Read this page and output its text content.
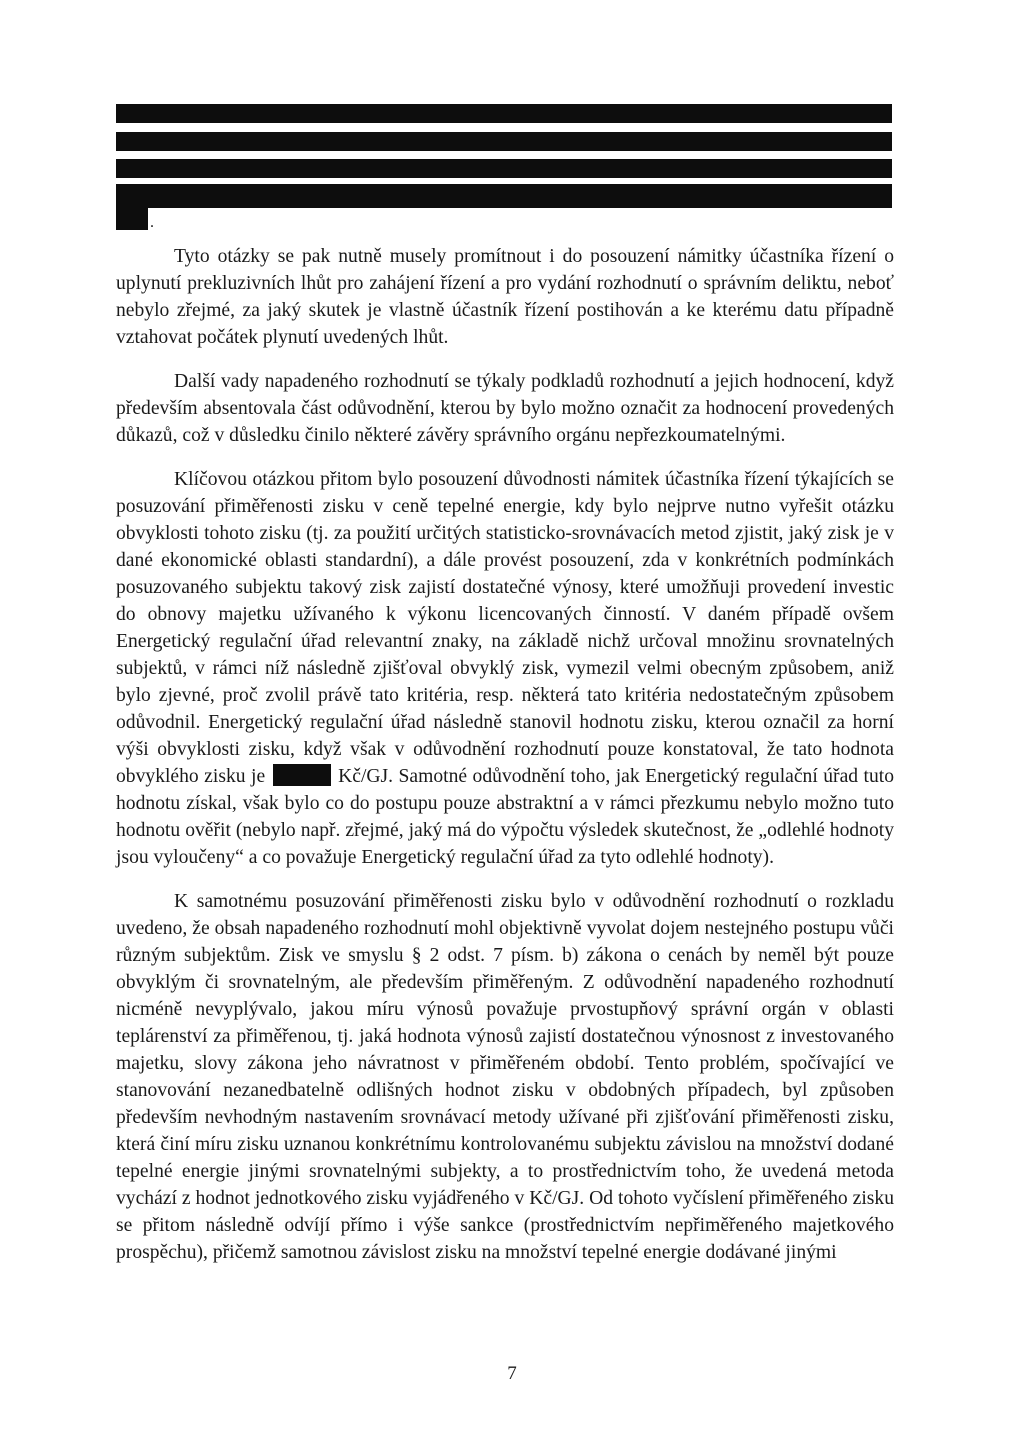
.

Tyto otázky se pak nutně musely promítnout i do posouzení námitky účastníka řízení o uplynutí prekluzivních lhůt pro zahájení řízení a pro vydání rozhodnutí o správním deliktu, neboť nebylo zřejmé, za jaký skutek je vlastně účastník řízení postihován a ke kterému datu případně vztahovat počátek plynutí uvedených lhůt.

Další vady napadeného rozhodnutí se týkaly podkladů rozhodnutí a jejich hodnocení, když především absentovala část odůvodnění, kterou by bylo možno označit za hodnocení provedených důkazů, což v důsledku činilo některé závěry správního orgánu nepřezkoumatelnými.

Klíčovou otázkou přitom bylo posouzení důvodnosti námitek účastníka řízení týkajících se posuzování přiměřenosti zisku v ceně tepelné energie, kdy bylo nejprve nutno vyřešit otázku obvyklosti tohoto zisku (tj. za použití určitých statisticko-srovnávacích metod zjistit, jaký zisk je v dané ekonomické oblasti standardní), a dále provést posouzení, zda v konkrétních podmínkách posuzovaného subjektu takový zisk zajistí dostatečné výnosy, které umožňuji provedení investic do obnovy majetku užívaného k výkonu licencovaných činností. V daném případě ovšem Energetický regulační úřad relevantní znaky, na základě nichž určoval množinu srovnatelných subjektů, v rámci níž následně zjišťoval obvyklý zisk, vymezil velmi obecným způsobem, aniž bylo zjevné, proč zvolil právě tato kritéria, resp. některá tato kritéria nedostatečným způsobem odůvodnil. Energetický regulační úřad následně stanovil hodnotu zisku, kterou označil za horní výši obvyklosti zisku, když však v odůvodnění rozhodnutí pouze konstatoval, že tato hodnota obvyklého zisku je	Kč/GJ. Samotné odůvodnění toho, jak Energetický regulační úřad tuto hodnotu získal, však bylo co do postupu pouze abstraktní a v rámci přezkumu nebylo možno tuto hodnotu ověřit (nebylo např. zřejmé, jaký má do výpočtu výsledek skutečnost, že „odlehlé hodnoty jsou vyloučeny“ a co považuje Energetický regulační úřad za tyto odlehlé hodnoty).

K samotnému posuzování přiměřenosti zisku bylo v odůvodnění rozhodnutí o rozkladu uvedeno, že obsah napadeného rozhodnutí mohl objektivně vyvolat dojem nestejného postupu vůči různým subjektům. Zisk ve smyslu § 2 odst. 7 písm. b) zákona o cenách by neměl být pouze obvyklým či srovnatelným, ale především přiměřeným. Z odůvodnění napadeného rozhodnutí nicméně nevyplývalo, jakou míru výnosů považuje prvostupňový správní orgán v oblasti teplárenství za přiměřenou, tj. jaká hodnota výnosů zajistí dostatečnou výnosnost z investovaného majetku, slovy zákona jeho návratnost v přiměřeném období. Tento problém, spočívající ve stanovování nezanedbatelně odlišných hodnot zisku v obdobných případech, byl způsoben především nevhodným nastavením srovnávací metody užívané při zjišťování přiměřenosti zisku, která činí míru zisku uznanou konkrétnímu kontrolovanému subjektu závislou na množství dodané tepelné energie jinými srovnatelnými subjekty, a to prostřednictvím toho, že uvedená metoda vychází z hodnot jednotkového zisku vyjádřeného v Kč/GJ. Od tohoto vyčíslení přiměřeného zisku se přitom následně odvíjí přímo i výše sankce (prostřednictvím nepřiměřeného majetkového prospěchu), přičemž samotnou závislost zisku na množství tepelné energie dodávané jinými

7
